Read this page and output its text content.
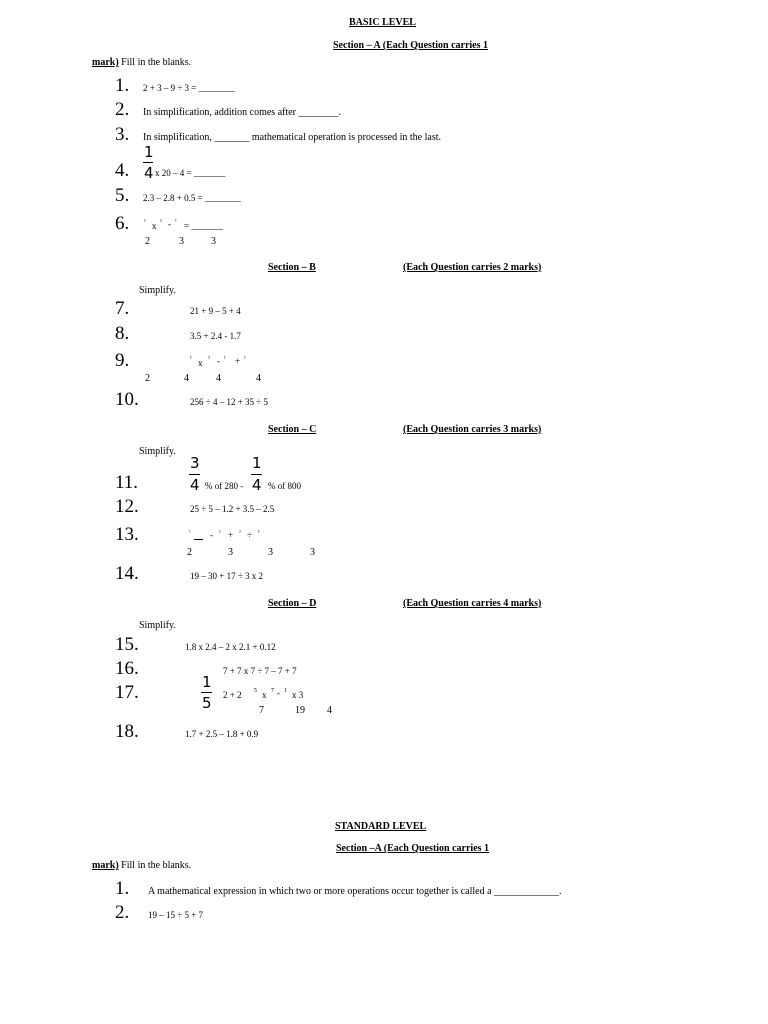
BASIC LEVEL
Section – A (Each Question carries 1
mark) Fill in the blanks.
1. 2 + 3 – 9 ÷ 3 = ________
2. In simplification, addition comes after ________.
3. In simplification, _______ mathematical operation is processed in the last.
4.
1
4 x 20 – 4 = _______
5. 2.3 – 2.8 + 0.5 = ________
6. ¹ x ² - ¹ = _______
2	3	3
Section – B	(Each Question carries 2 marks)
Simplify.
7.	21 + 9 – 5 + 4
8.	3.5 + 2.4 - 1.7
9.	¹ x ³ - ¹ + ¹
2	4	4	4
10.	256 ÷ 4 – 12 + 35 ÷ 5
Section – C	(Each Question carries 3 marks)
Simplify.
11.
3
4 % of 280 -
1
4 % of 800
12.	25 ÷ 5 – 1.2 + 3.5 – 2.5
13.	¹ - ¹ + ² ÷ ¹
2	3	3	3
14.	19 – 30 + 17 ÷ 3 x 2
Section – D	(Each Question carries 4 marks)
Simplify.
15.	1.8 x 2.4 – 2 x 2.1 + 0.12
16.	7 + 7 x 7 ÷ 7 – 7 + 7
17.	1
5 2 + 2 5 x 7 - 1 x 3
7	19 4
18.	1.7 + 2.5 – 1.8 + 0.9
STANDARD LEVEL
Section –A (Each Question carries 1
mark) Fill in the blanks.
1. A mathematical expression in which two or more operations occur together is called a _____________.
2. 19 – 15 ÷ 5 + 7
